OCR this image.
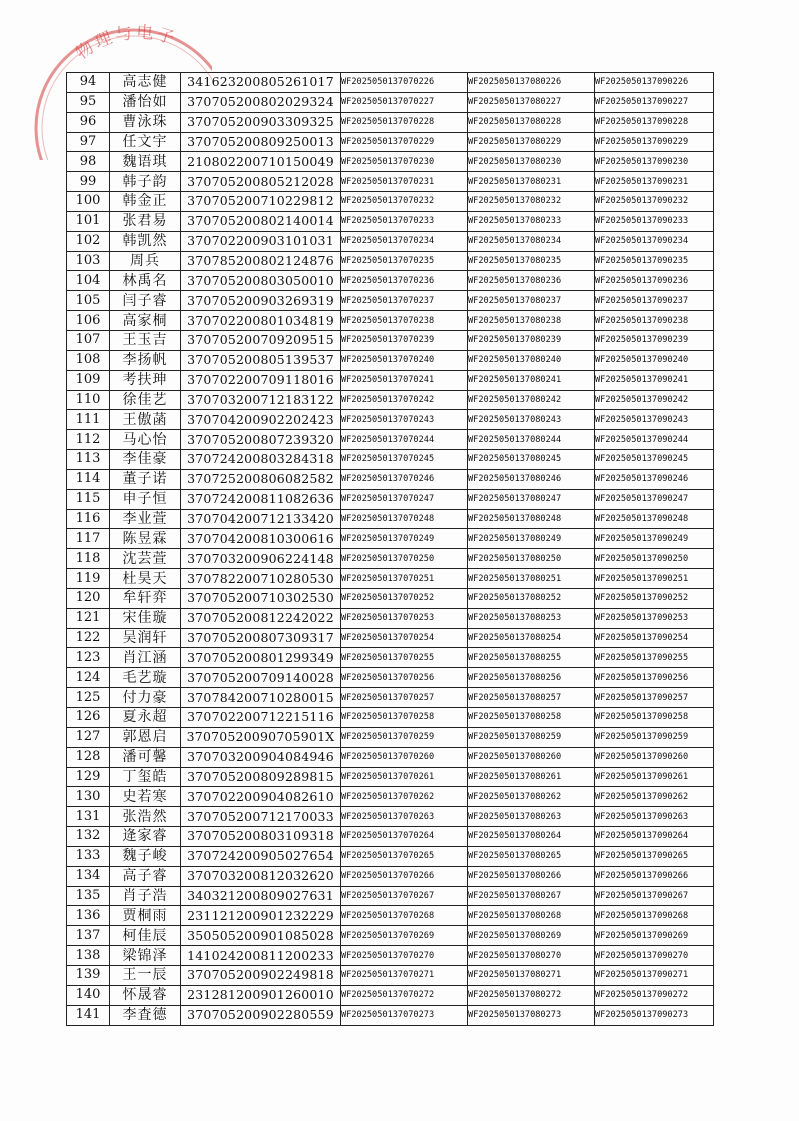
94	高志健	341623200805261017	WF2025050137070226	WF2025050137080226	WF2025050137090226
95	潘怡如	370705200802029324	WF2025050137070227	WF2025050137080227	WF2025050137090227
96	曹泳珠	370705200903309325	WF2025050137070228	WF2025050137080228	WF2025050137090228
97	任文宇	370705200809250013	WF2025050137070229	WF2025050137080229	WF2025050137090229
98	魏语琪	210802200710150049	WF2025050137070230	WF2025050137080230	WF2025050137090230
99	韩子韵	370705200805212028	WF2025050137070231	WF2025050137080231	WF2025050137090231
100	韩金正	370705200710229812	WF2025050137070232	WF2025050137080232	WF2025050137090232
101	张君易	370705200802140014	WF2025050137070233	WF2025050137080233	WF2025050137090233
102	韩凯然	370702200903101031	WF2025050137070234	WF2025050137080234	WF2025050137090234
103	周兵	370785200802124876	WF2025050137070235	WF2025050137080235	WF2025050137090235
104	林禹名	370705200803050010	WF2025050137070236	WF2025050137080236	WF2025050137090236
105	闫子睿	370705200903269319	WF2025050137070237	WF2025050137080237	WF2025050137090237
106	高家桐	370702200801034819	WF2025050137070238	WF2025050137080238	WF2025050137090238
107	王玉吉	370705200709209515	WF2025050137070239	WF2025050137080239	WF2025050137090239
108	李扬帆	370705200805139537	WF2025050137070240	WF2025050137080240	WF2025050137090240
109	考扶珅	370702200709118016	WF2025050137070241	WF2025050137080241	WF2025050137090241
110	徐佳艺	370703200712183122	WF2025050137070242	WF2025050137080242	WF2025050137090242
111	王傲菡	370704200902202423	WF2025050137070243	WF2025050137080243	WF2025050137090243
112	马心怡	370705200807239320	WF2025050137070244	WF2025050137080244	WF2025050137090244
113	李佳豪	370724200803284318	WF2025050137070245	WF2025050137080245	WF2025050137090245
114	董子诺	370725200806082582	WF2025050137070246	WF2025050137080246	WF2025050137090246
115	申子恒	370724200811082636	WF2025050137070247	WF2025050137080247	WF2025050137090247
116	李业萱	370704200712133420	WF2025050137070248	WF2025050137080248	WF2025050137090248
117	陈昱霖	370704200810300616	WF2025050137070249	WF2025050137080249	WF2025050137090249
118	沈芸萱	370703200906224148	WF2025050137070250	WF2025050137080250	WF2025050137090250
119	杜昊天	370782200710280530	WF2025050137070251	WF2025050137080251	WF2025050137090251
120	牟轩弈	370705200710302530	WF2025050137070252	WF2025050137080252	WF2025050137090252
121	宋佳璇	370705200812242022	WF2025050137070253	WF2025050137080253	WF2025050137090253
122	吴润轩	370705200807309317	WF2025050137070254	WF2025050137080254	WF2025050137090254
123	肖江涵	370705200801299349	WF2025050137070255	WF2025050137080255	WF2025050137090255
124	毛艺璇	370705200709140028	WF2025050137070256	WF2025050137080256	WF2025050137090256
125	付力豪	370784200710280015	WF2025050137070257	WF2025050137080257	WF2025050137090257
126	夏永超	370702200712215116	WF2025050137070258	WF2025050137080258	WF2025050137090258
127	郭恩启	37070520090705901X	WF2025050137070259	WF2025050137080259	WF2025050137090259
128	潘可馨	370703200904084946	WF2025050137070260	WF2025050137080260	WF2025050137090260
129	丁玺皓	370705200809289815	WF2025050137070261	WF2025050137080261	WF2025050137090261
130	史若寒	370702200904082610	WF2025050137070262	WF2025050137080262	WF2025050137090262
131	张浩然	370705200712170033	WF2025050137070263	WF2025050137080263	WF2025050137090263
132	逄家睿	370705200803109318	WF2025050137070264	WF2025050137080264	WF2025050137090264
133	魏子峻	370724200905027654	WF2025050137070265	WF2025050137080265	WF2025050137090265
134	高子睿	370703200812032620	WF2025050137070266	WF2025050137080266	WF2025050137090266
135	肖子浩	340321200809027631	WF2025050137070267	WF2025050137080267	WF2025050137090267
136	贾桐雨	231121200901232229	WF2025050137070268	WF2025050137080268	WF2025050137090268
137	柯佳辰	350505200901085028	WF2025050137070269	WF2025050137080269	WF2025050137090269
138	梁锦泽	141024200811200233	WF2025050137070270	WF2025050137080270	WF2025050137090270
139	王一辰	370705200902249818	WF2025050137070271	WF2025050137080271	WF2025050137090271
140	怀晟睿	231281200901260010	WF2025050137070272	WF2025050137080272	WF2025050137090272
141	李査德	370705200902280559	WF2025050137070273	WF2025050137080273	WF2025050137090273
物理与电子
